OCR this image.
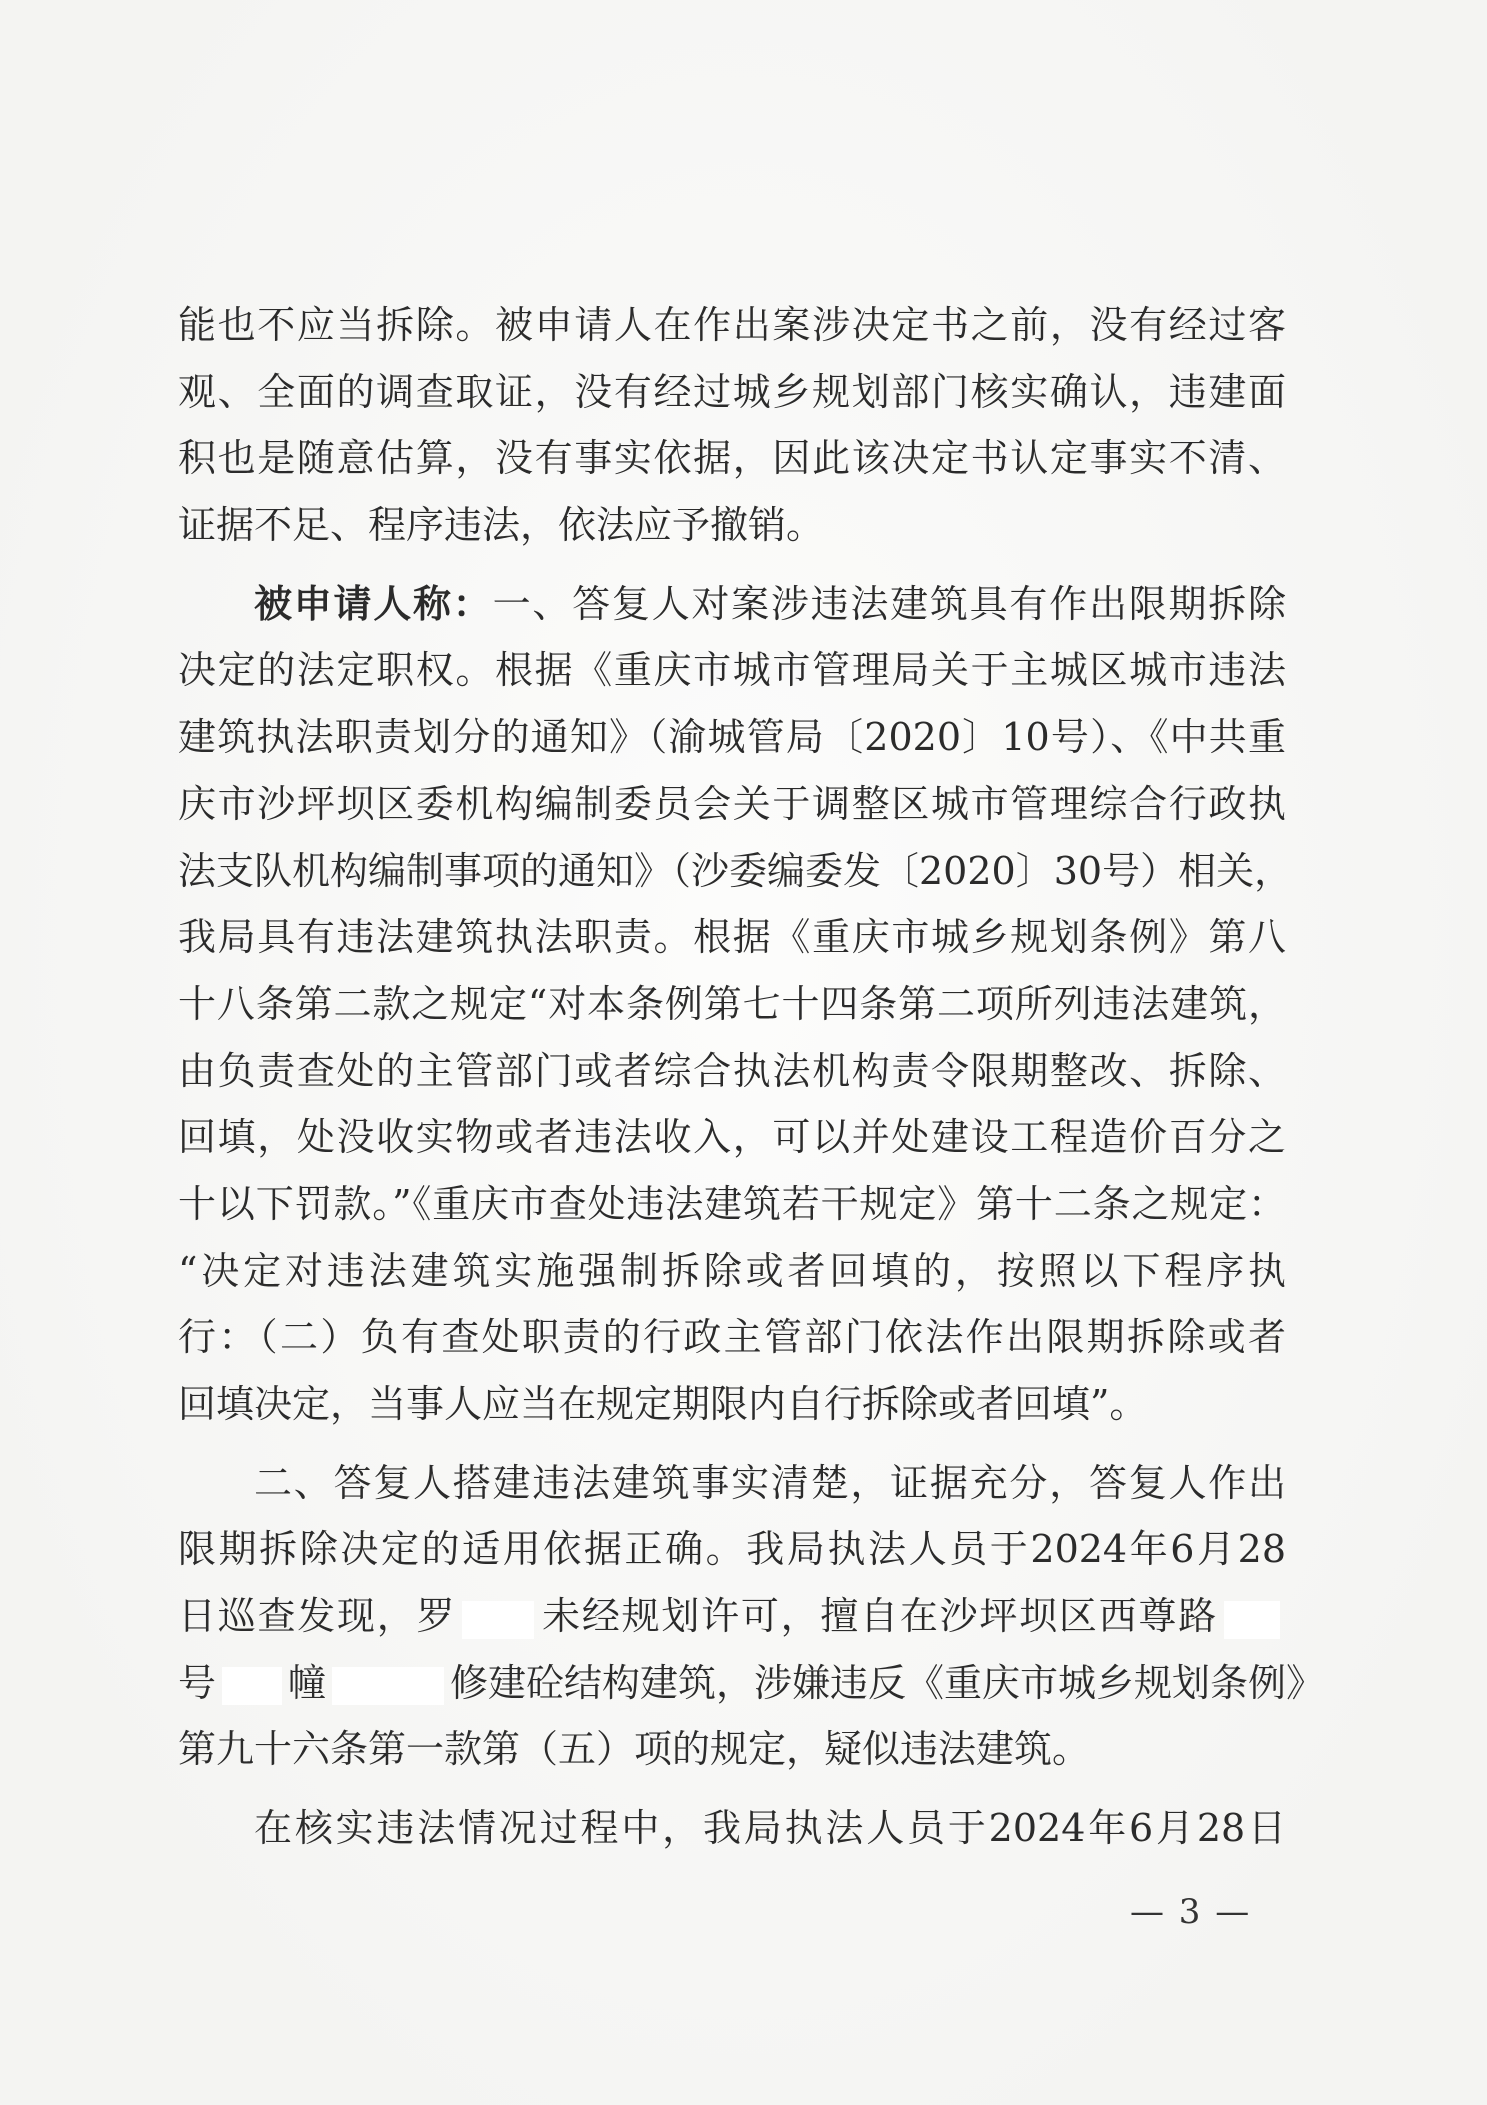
能也不应当拆除。被申请人在作出案涉决定书之前，没有经过客
观、全面的调查取证，没有经过城乡规划部门核实确认，违建面
积也是随意估算，没有事实依据，因此该决定书认定事实不清、
证据不足、程序违法，依法应予撤销。
被申请人称：一、答复人对案涉违法建筑具有作出限期拆除
决定的法定职权。根据《重庆市城市管理局关于主城区城市违法
建筑执法职责划分的通知》（渝城管局〔2020〕10号）、《中共重
庆市沙坪坝区委机构编制委员会关于调整区城市管理综合行政执
法支队机构编制事项的通知》（沙委编委发〔2020〕30号）相关，
我局具有违法建筑执法职责。根据《重庆市城乡规划条例》第八
十八条第二款之规定“对本条例第七十四条第二项所列违法建筑，
由负责查处的主管部门或者综合执法机构责令限期整改、拆除、
回填，处没收实物或者违法收入，可以并处建设工程造价百分之
十以下罚款。”《重庆市查处违法建筑若干规定》第十二条之规定：
“决定对违法建筑实施强制拆除或者回填的，按照以下程序执
行：（二）负有查处职责的行政主管部门依法作出限期拆除或者
回填决定，当事人应当在规定期限内自行拆除或者回填”。
二、答复人搭建违法建筑事实清楚，证据充分，答复人作出
限期拆除决定的适用依据正确。我局执法人员于2024年6月28
日巡查发现，罗 未经规划许可，擅自在沙坪坝区西尊路
号 幢	修建砼结构建筑，涉嫌违反《重庆市城乡规划条例》
第九十六条第一款第（五）项的规定，疑似违法建筑。
在核实违法情况过程中，我局执法人员于2024年6月28日
— 3 —
